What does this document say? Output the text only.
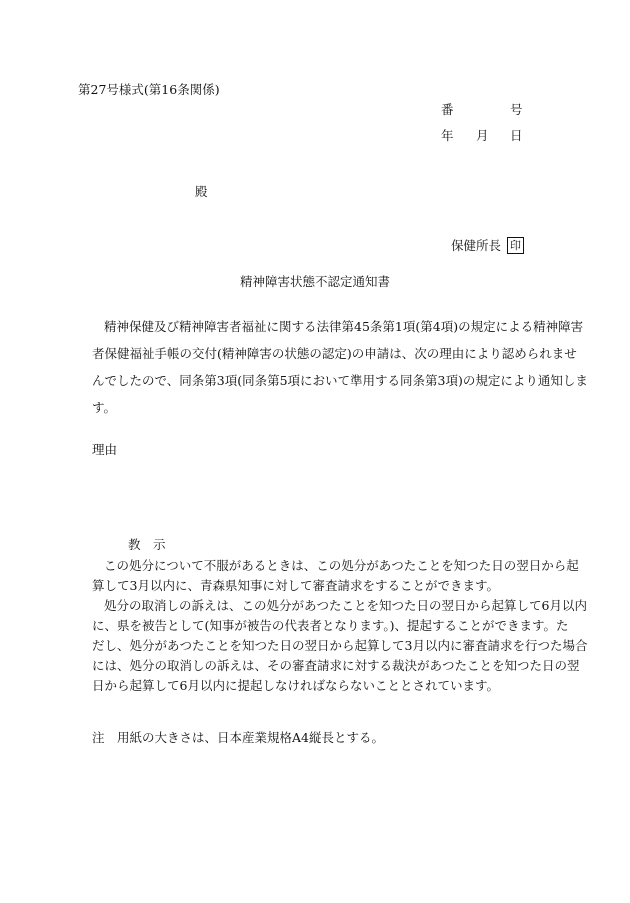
第27号様式(第16条関係)
番	号
年 月 日
殿
保健所長 印
精神障害状態不認定通知書
精神保健及び精神障害者福祉に関する法律第45条第1項(第4項)の規定による精神障害
者保健福祉手帳の交付(精神障害の状態の認定)の申請は、次の理由により認められませ
んでしたので、同条第3項(同条第5項において準用する同条第3項)の規定により通知しま
す。
理由
教　示
この処分について不服があるときは、この処分があつたことを知つた日の翌日から起
算して3月以内に、青森県知事に対して審査請求をすることができます。
処分の取消しの訴えは、この処分があつたことを知つた日の翌日から起算して6月以内
に、県を被告として(知事が被告の代表者となります。)、提起することができます。た
だし、処分があつたことを知つた日の翌日から起算して3月以内に審査請求を行つた場合
には、処分の取消しの訴えは、その審査請求に対する裁決があつたことを知つた日の翌
日から起算して6月以内に提起しなければならないこととされています。
注　用紙の大きさは、日本産業規格A4縦長とする。
